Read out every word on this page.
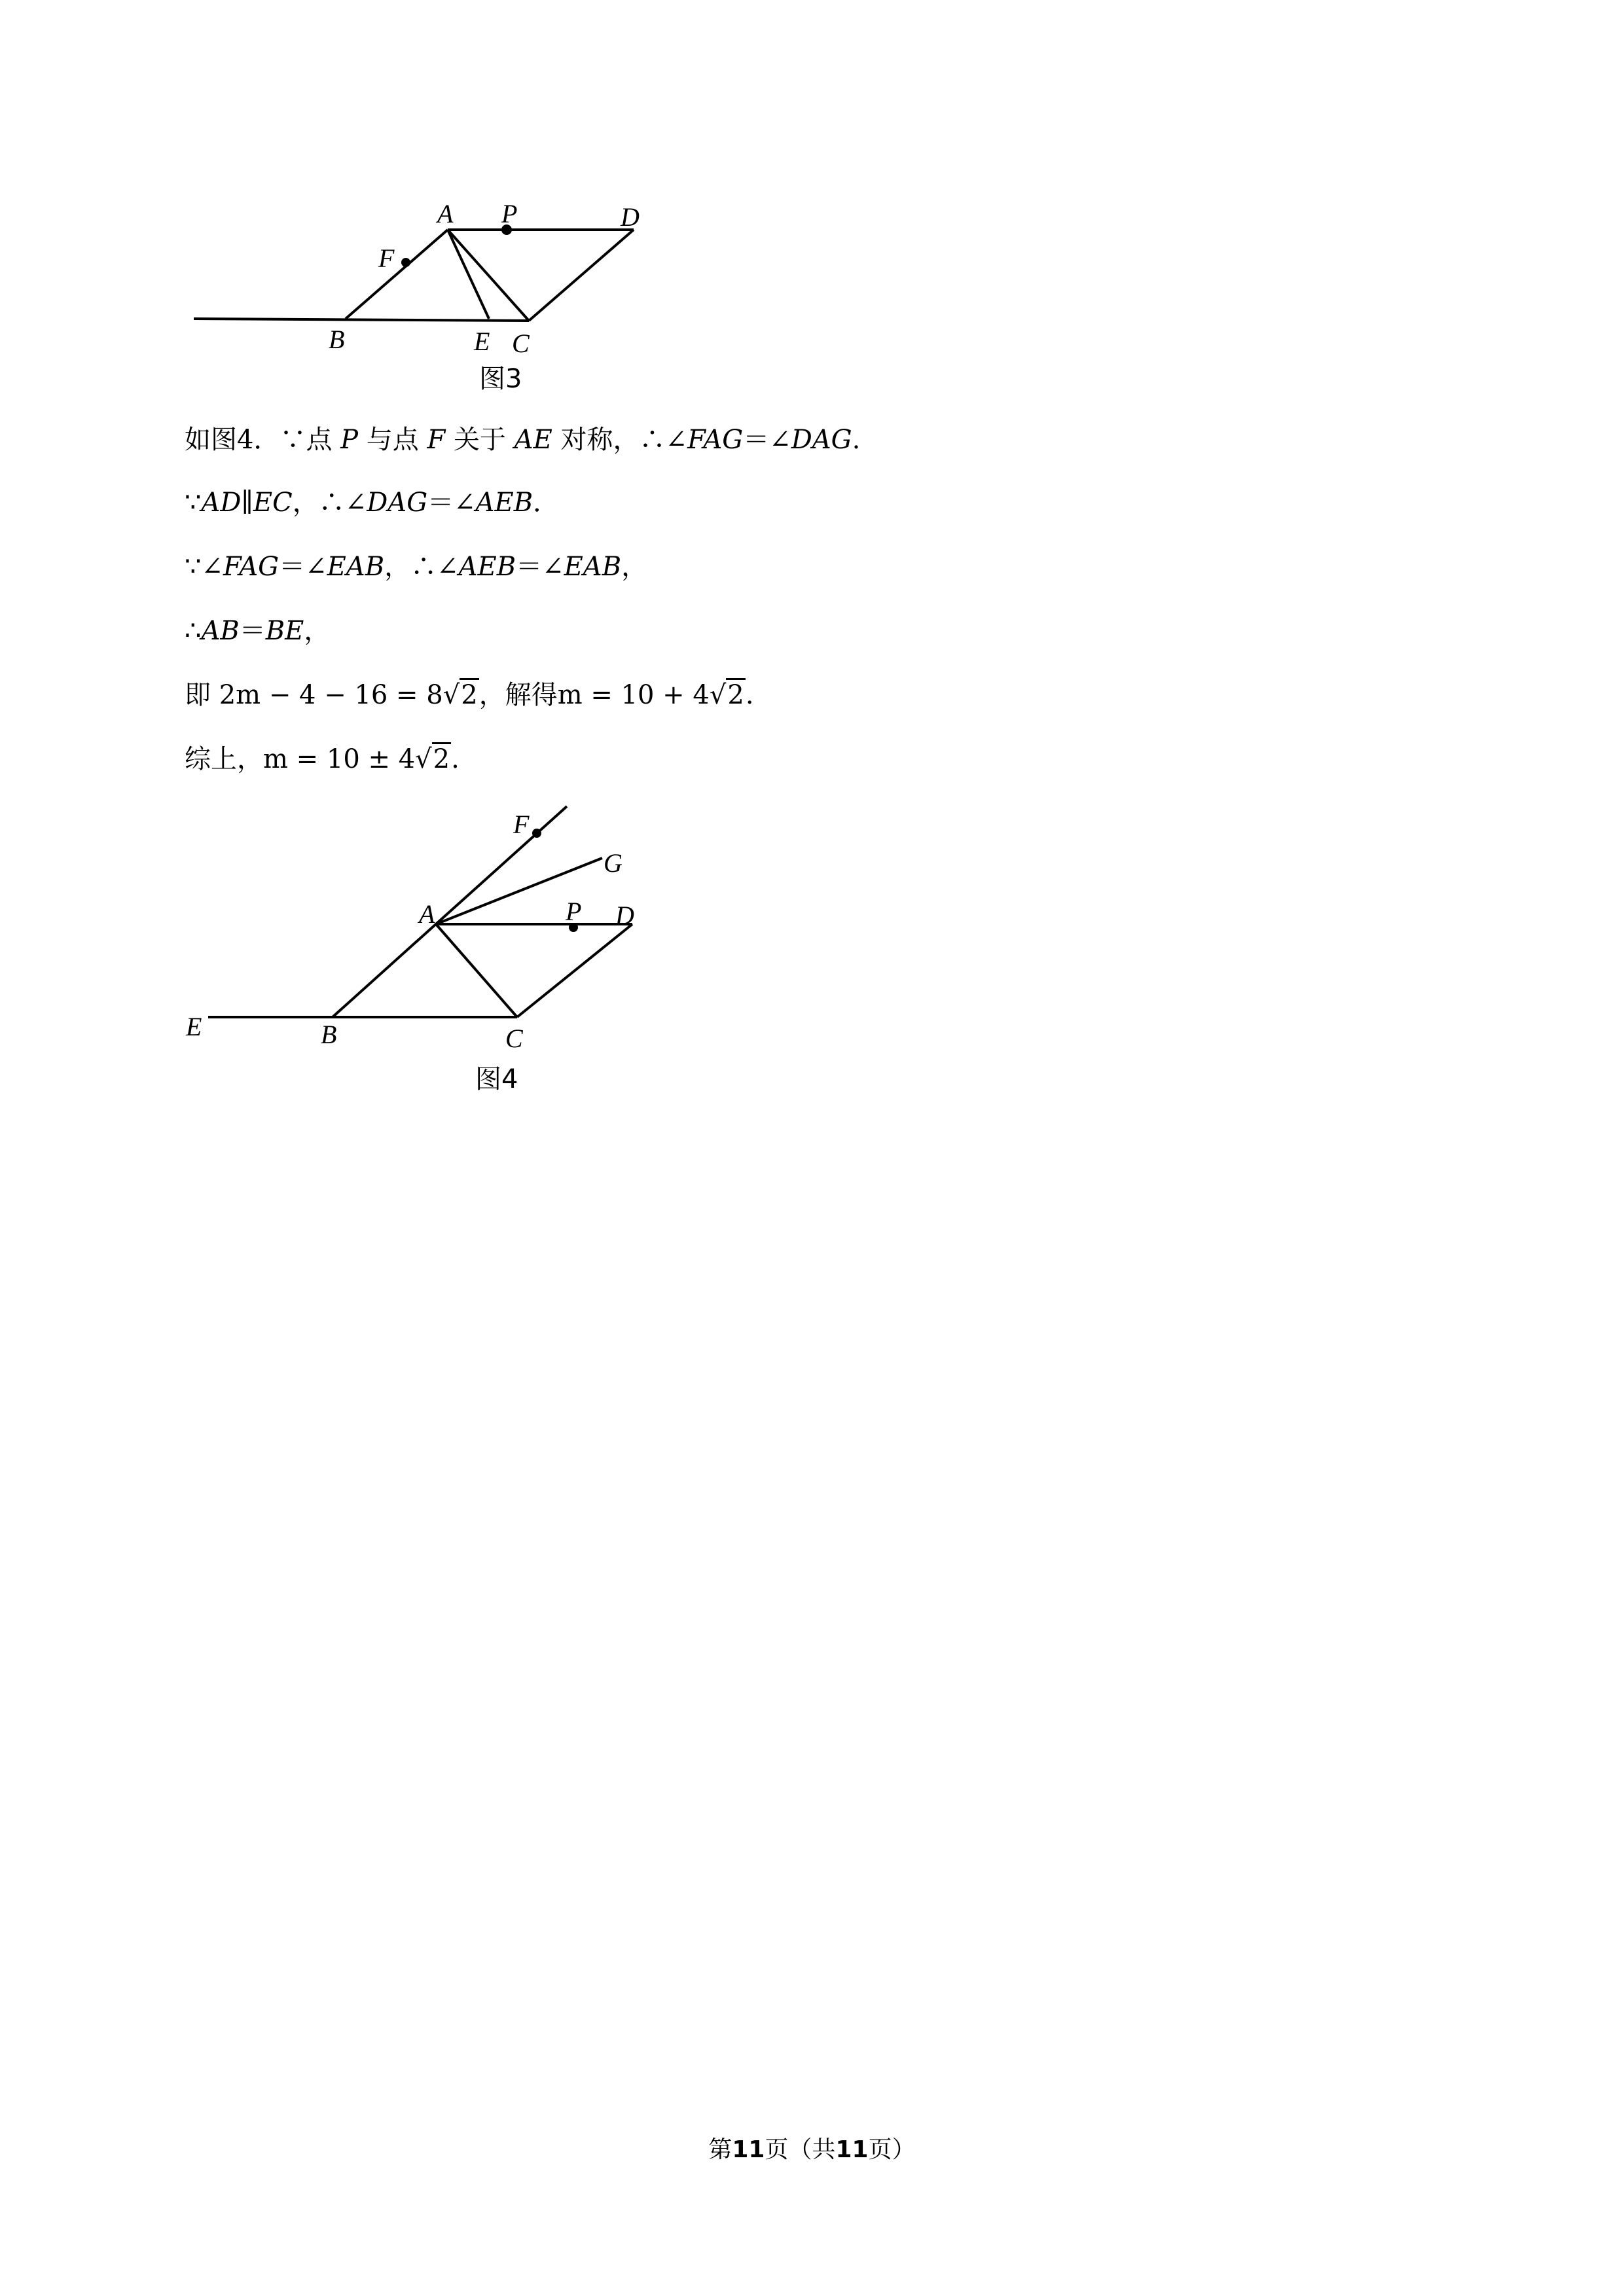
A P	D
F
B	E C
图3
如图4．∵点 P 与点 F 关于 AE 对称，∴∠FAG＝∠DAG.
∵AD∥EC，∴∠DAG＝∠AEB．
∵∠FAG＝∠EAB，∴∠AEB＝∠EAB，
∴AB＝BE，
即 2m − 4 − 16 = 8√2，解得m = 10 + 4√2.
综上，m = 10 ± 4√2.
F
G
A	P D
E	B	C
图4
第11页（共11页）
